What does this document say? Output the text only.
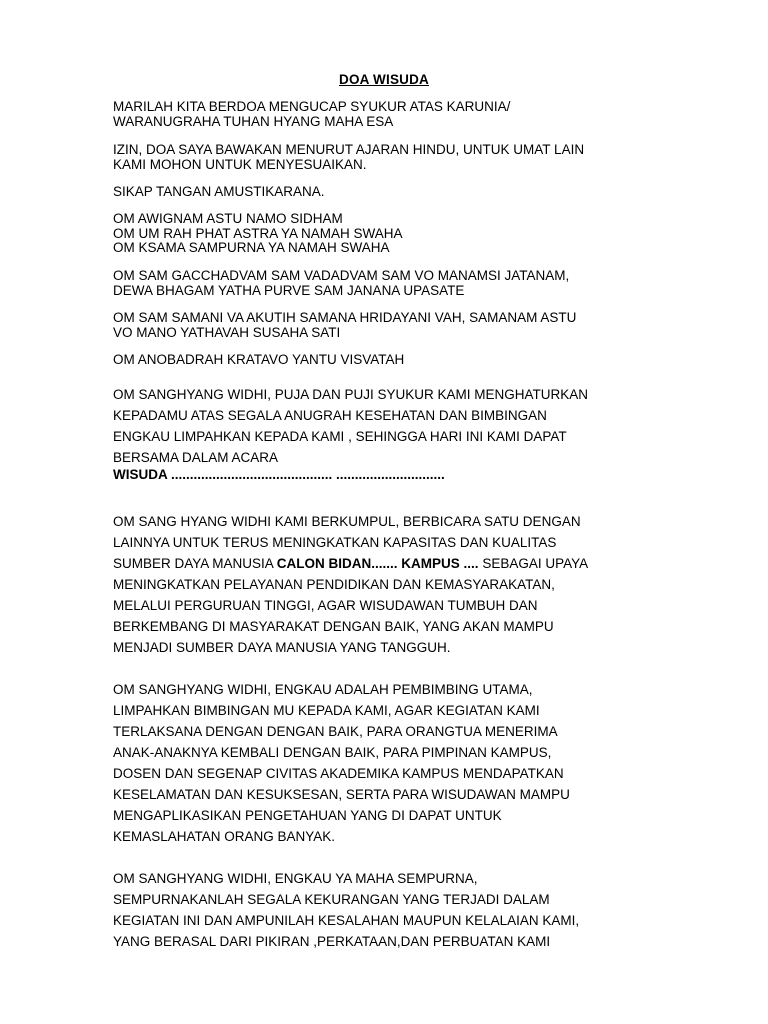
DOA WISUDA
MARILAH KITA BERDOA MENGUCAP SYUKUR ATAS KARUNIA/
WARANUGRAHA TUHAN HYANG MAHA ESA
IZIN, DOA SAYA BAWAKAN MENURUT AJARAN HINDU, UNTUK UMAT LAIN
KAMI MOHON UNTUK MENYESUAIKAN.
SIKAP TANGAN AMUSTIKARANA.
OM AWIGNAM ASTU NAMO SIDHAM
OM UM RAH PHAT ASTRA YA NAMAH SWAHA
OM KSAMA SAMPURNA YA NAMAH SWAHA
OM SAM GACCHADVAM SAM VADADVAM SAM VO MANAMSI JATANAM,
DEWA BHAGAM YATHA PURVE SAM JANANA UPASATE
OM SAM SAMANI VA AKUTIH SAMANA HRIDAYANI VAH, SAMANAM ASTU
VO MANO YATHAVAH SUSAHA SATI
OM ANOBADRAH KRATAVO YANTU VISVATAH
OM SANGHYANG WIDHI, PUJA DAN PUJI SYUKUR KAMI MENGHATURKAN
KEPADAMU ATAS SEGALA ANUGRAH KESEHATAN DAN BIMBINGAN
ENGKAU LIMPAHKAN KEPADA KAMI , SEHINGGA HARI INI KAMI DAPAT
BERSAMA DALAM ACARA
WISUDA ........................................... .............................
OM SANG HYANG WIDHI KAMI BERKUMPUL, BERBICARA SATU DENGAN
LAINNYA UNTUK TERUS MENINGKATKAN KAPASITAS DAN KUALITAS
SUMBER DAYA MANUSIA CALON BIDAN....... KAMPUS .... SEBAGAI UPAYA
MENINGKATKAN PELAYANAN PENDIDIKAN DAN KEMASYARAKATAN,
MELALUI PERGURUAN TINGGI, AGAR WISUDAWAN TUMBUH DAN
BERKEMBANG DI MASYARAKAT DENGAN BAIK, YANG AKAN MAMPU
MENJADI SUMBER DAYA MANUSIA YANG TANGGUH.
OM SANGHYANG WIDHI, ENGKAU ADALAH PEMBIMBING UTAMA,
LIMPAHKAN BIMBINGAN MU KEPADA KAMI, AGAR KEGIATAN KAMI
TERLAKSANA DENGAN DENGAN BAIK, PARA ORANGTUA MENERIMA
ANAK-ANAKNYA KEMBALI DENGAN BAIK, PARA PIMPINAN KAMPUS,
DOSEN DAN SEGENAP CIVITAS AKADEMIKA KAMPUS MENDAPATKAN
KESELAMATAN DAN KESUKSESAN, SERTA PARA WISUDAWAN MAMPU
MENGAPLIKASIKAN PENGETAHUAN YANG DI DAPAT UNTUK
KEMASLAHATAN ORANG BANYAK.
OM SANGHYANG WIDHI, ENGKAU YA MAHA SEMPURNA,
SEMPURNAKANLAH SEGALA KEKURANGAN YANG TERJADI DALAM
KEGIATAN INI DAN AMPUNILAH KESALAHAN MAUPUN KELALAIAN KAMI,
YANG BERASAL DARI PIKIRAN ,PERKATAAN,DAN PERBUATAN KAMI
